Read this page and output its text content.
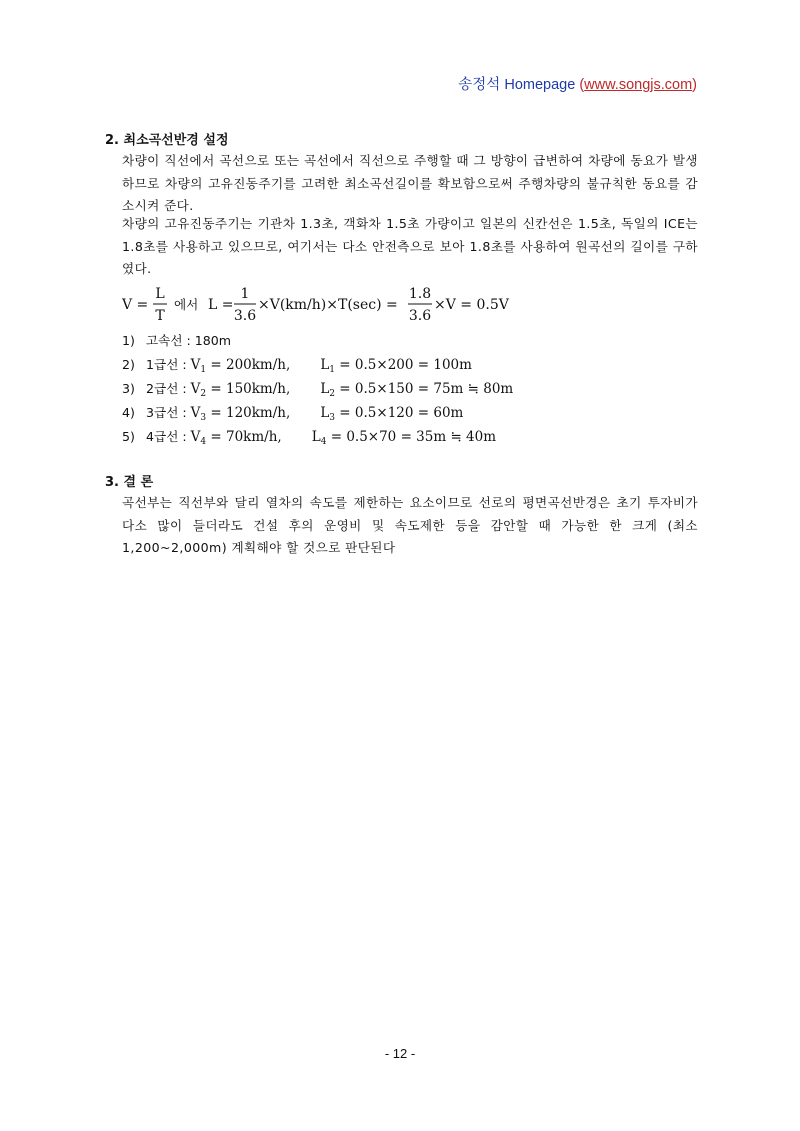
송정석 Homepage (www.songjs.com)
2. 최소곡선반경 설정
차량이 직선에서 곡선으로 또는 곡선에서 직선으로 주행할 때 그 방향이 급변하여 차량에 동요가 발생하므로 차량의 고유진동주기를 고려한 최소곡선길이를 확보함으로써 주행차량의 불규칙한 동요를 감소시켜 준다.
차량의 고유진동주기는 기관차 1.3초, 객화차 1.5초 가량이고 일본의 신칸선은 1.5초, 독일의 ICE는 1.8초를 사용하고 있으므로, 여기서는 다소 안전측으로 보아 1.8초를 사용하여 원곡선의 길이를 구하였다.
V =
L
T
에서 L =
1
3.6
×V(km/h)×T(sec) =
1.8
3.6
×V = 0.5V
1) 고속선 : 180m
2) 1급선 : $V_1 = 200km/h$, $L_1 = 0.5\times 200 = 100m$
3) 2급선 : $V_2 = 150km/h$, $L_2 = 0.5\times 150 = 75m$ ≒ 80m
4) 3급선 : $V_3 = 120km/h$, $L_3 = 0.5\times 120 = 60m$
5) 4급선 : $V_4 = 70km/h$, $L_4 = 0.5\times 70 = 35m$ ≒ 40m
3. 결 론
곡선부는 직선부와 달리 열차의 속도를 제한하는 요소이므로 선로의 평면곡선반경은 초기 투자비가 다소 많이 들더라도 건설 후의 운영비 및 속도제한 등을 감안할 때 가능한 한 크게 (최소 1,200~2,000m) 계획해야 할 것으로 판단된다
- 12 -
